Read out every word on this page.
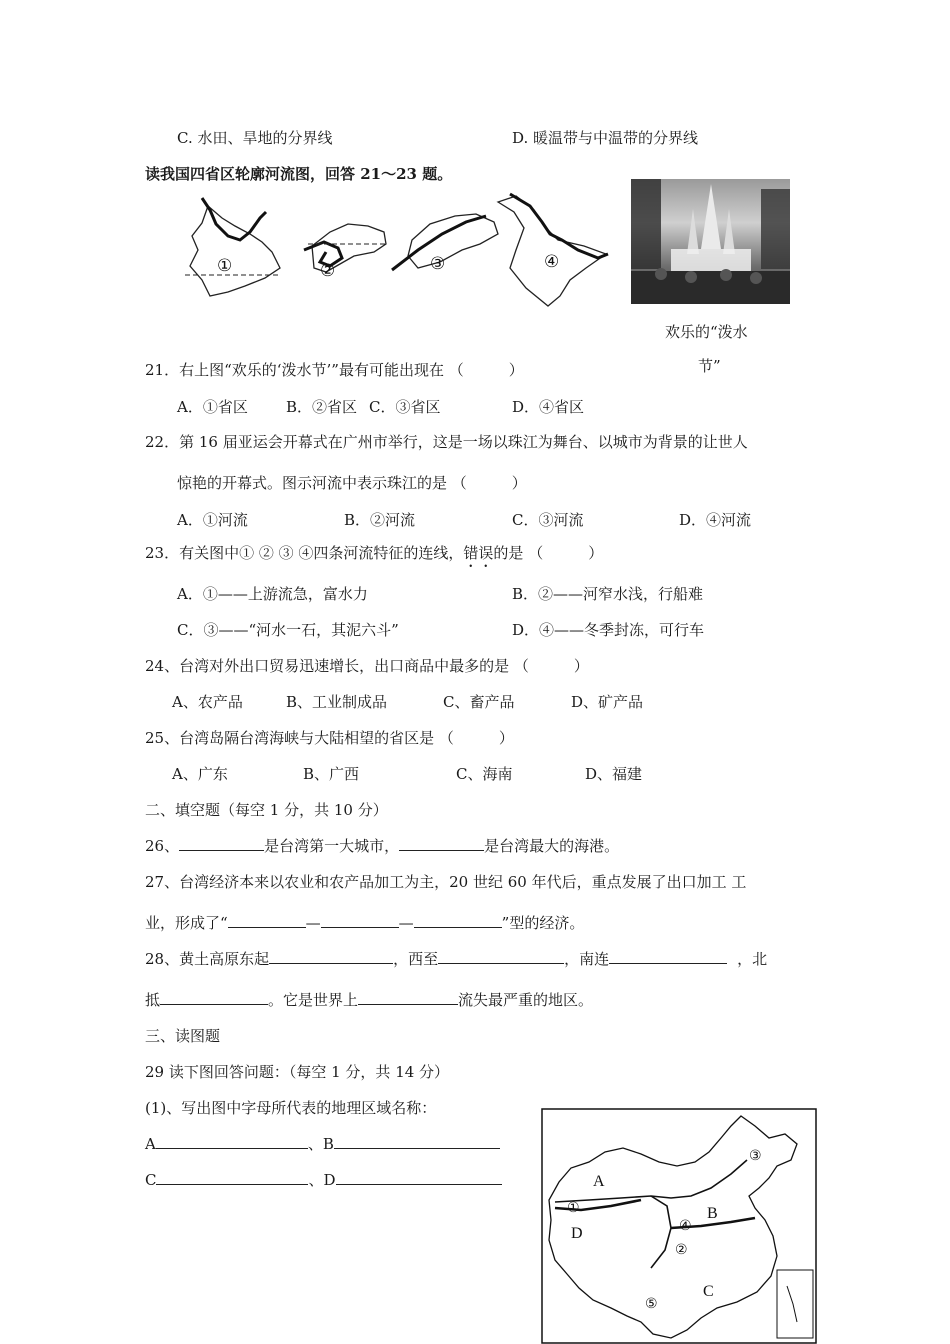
C. 水田、旱地的分界线	D. 暖温带与中温带的分界线
读我国四省区轮廓河流图，回答 21～23 题。
①	②	③	④
欢乐的“泼水
节”
21．右上图“欢乐的‘泼水节’”最有可能出现在 （　　　）
A．①省区	B．②省区 C．③省区	D．④省区
22．第 16 届亚运会开幕式在广州市举行，这是一场以珠江为舞台、以城市为背景的让世人
惊艳的开幕式。图示河流中表示珠江的是 （　　　）
A．①河流	B．②河流	C．③河流	D．④河流
23．有关图中① ② ③ ④四条河流特征的连线，错误的是 （　　　）
A．①——上游流急，富水力	B．②——河窄水浅，行船难
C．③——“河水一石，其泥六斗”	D．④——冬季封冻，可行车
24、台湾对外出口贸易迅速增长，出口商品中最多的是 （　　　）
A、农产品	B、工业制成品	C、畜产品	D、矿产品
25、台湾岛隔台湾海峡与大陆相望的省区是 （　　　）
A、广东	B、广西	C、海南	D、福建
二、填空题（每空 1 分，共 10 分）
26、	是台湾第一大城市，	是台湾最大的海港。
27、台湾经济本来以农业和农产品加工为主，20 世纪 60 年代后，重点发展了出口加工 工
业，形成了“	—	—	”型的经济。
28、黄土高原东起	，西至	，南连	，北
抵	。它是世界上	流失最严重的地区。
三、读图题
29 读下图回答问题：（每空 1 分，共 14 分）
(1)、写出图中字母所代表的地理区域名称：
A	、B
C	、D	A
B
C
D
①
②
③
④
⑤
